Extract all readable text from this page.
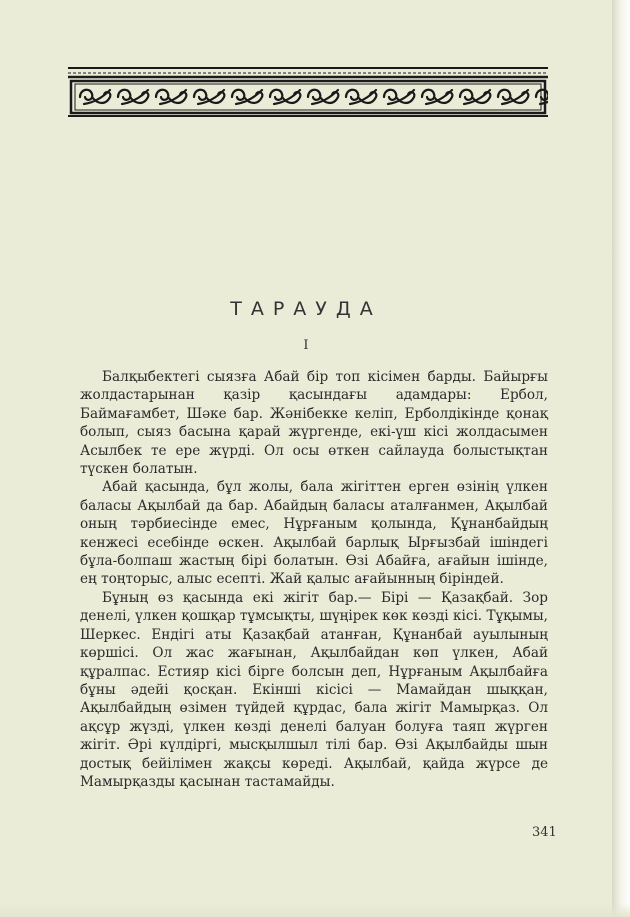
ТАРАУДА
I

Балқыбектегі сыязға Абай бір топ кісімен барды. Байырғы жолдастарынан қазір қасындағы адамдары: Ербол, Баймағамбет, Шәке бар. Жәнібекке келіп, Ерболдікінде қонақ болып, сыяз басына қарай жүргенде, екі-үш кісі жолдасымен Асылбек те ере жүрді. Ол осы өткен сайлауда болыстықтан түскен болатын.

Абай қасында, бұл жолы, бала жігіттен ерген өзінің үлкен баласы Ақылбай да бар. Абайдың баласы аталғанмен, Ақылбай оның тәрбиесінде емес, Нұрғаным қолында, Құнанбайдың кенжесі есебінде өскен. Ақылбай барлық Ырғызбай ішіндегі бұла-болпаш жастың бірі болатын. Өзі Абайға, ағайын ішінде, ең тоңторыс, алыс есепті. Жай қалыс ағайынның біріндей.

Бұның өз қасында екі жігіт бар.— Бірі — Қазақбай. Зор денелі, үлкен қошқар тұмсықты, шүңірек көк көзді кісі. Тұқымы, Шеркес. Ендігі аты Қазақбай атанған, Құнанбай ауылының көршісі. Ол жас жағынан, Ақылбайдан көп үлкен, Абай құралпас. Естияр кісі бірге болсын деп, Нұрғаным Ақылбайға бұны әдейі қосқан. Екінші кісісі — Мамайдан шыққан, Ақылбайдың өзімен түйдей құрдас, бала жігіт Мамырқаз. Ол ақсұр жүзді, үлкен көзді денелі балуан болуға таяп жүрген жігіт. Әрі күлдіргі, мысқылшыл тілі бар. Өзі Ақылбайды шын достық бейілімен жақсы көреді. Ақылбай, қайда жүрсе де Мамырқазды қасынан тастамайды.

341
